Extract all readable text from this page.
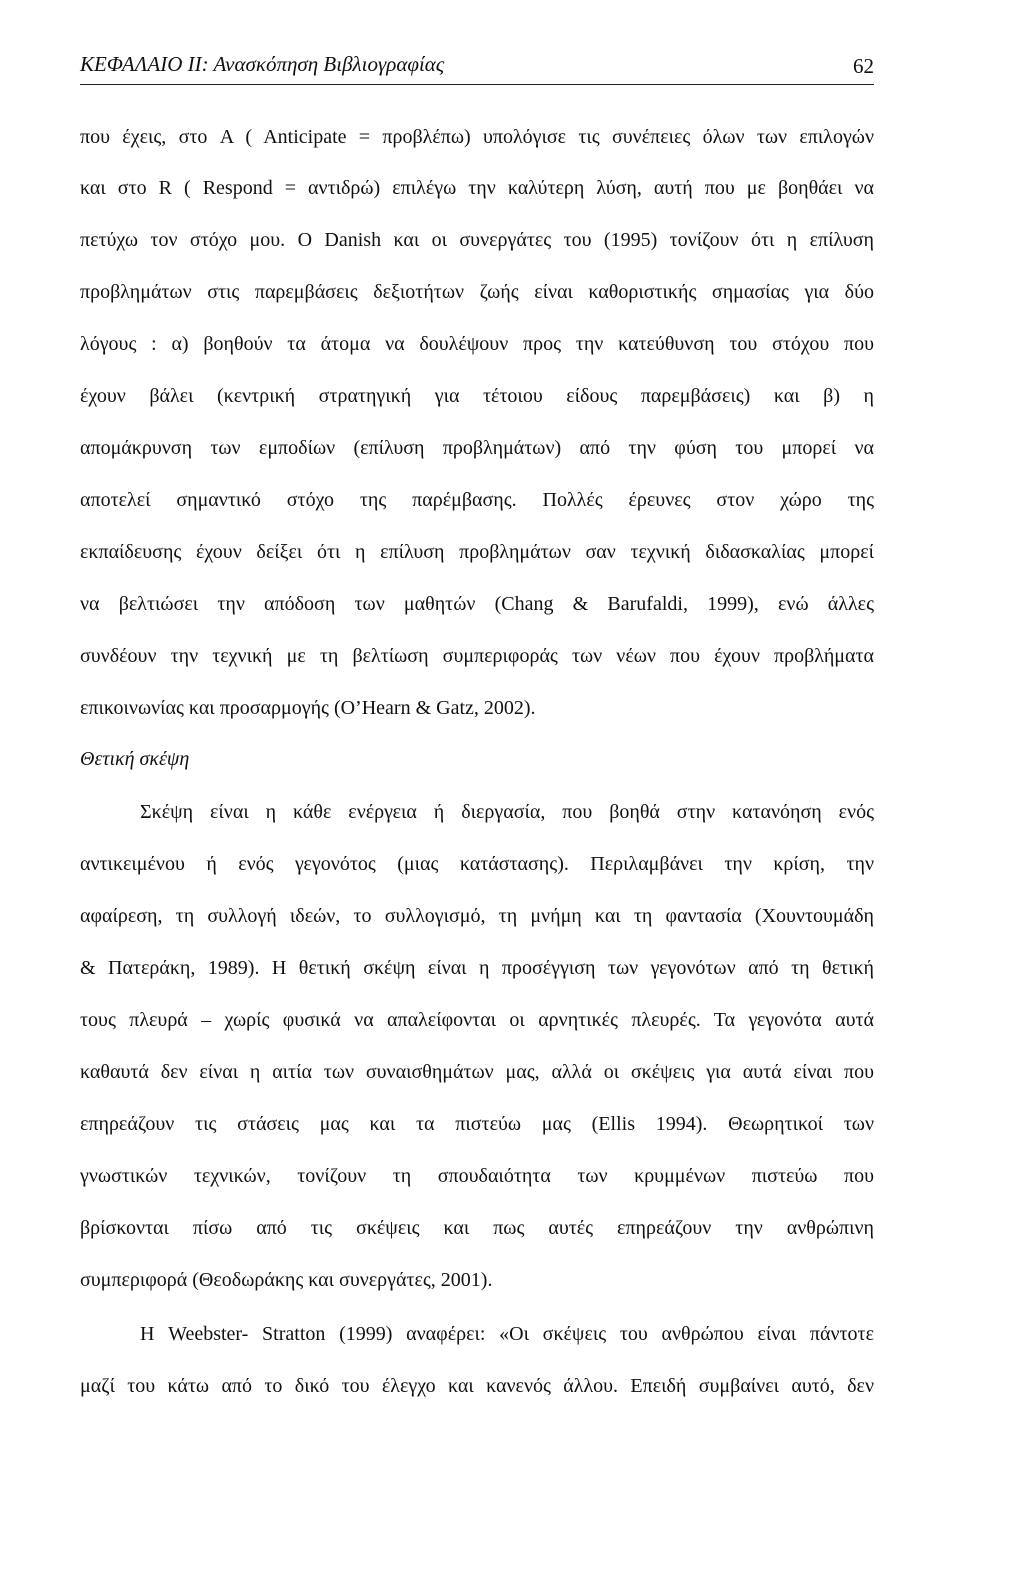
ΚΕΦΑΛΑΙΟ ΙΙ: Ανασκόπηση Βιβλιογραφίας	62
που έχεις, στο A ( Anticipate = προβλέπω) υπολόγισε τις συνέπειες όλων των επιλογών
και στο R ( Respond = αντιδρώ) επιλέγω την καλύτερη λύση, αυτή που με βοηθάει να
πετύχω τον στόχο μου. Ο Danish και οι συνεργάτες του (1995) τονίζουν ότι η επίλυση
προβλημάτων στις παρεμβάσεις δεξιοτήτων ζωής είναι καθοριστικής σημασίας για δύο
λόγους : α) βοηθούν τα άτομα να δουλέψουν προς την κατεύθυνση του στόχου που
έχουν βάλει (κεντρική στρατηγική για τέτοιου είδους παρεμβάσεις) και β) η
απομάκρυνση των εμποδίων (επίλυση προβλημάτων) από την φύση του μπορεί να
αποτελεί σημαντικό στόχο της παρέμβασης. Πολλές έρευνες στον χώρο της
εκπαίδευσης έχουν δείξει ότι η επίλυση προβλημάτων σαν τεχνική διδασκαλίας μπορεί
να βελτιώσει την απόδοση των μαθητών (Chang & Barufaldi, 1999), ενώ άλλες
συνδέουν την τεχνική με τη βελτίωση συμπεριφοράς των νέων που έχουν προβλήματα
επικοινωνίας και προσαρμογής (O’Hearn & Gatz, 2002).
Θετική σκέψη
Σκέψη είναι η κάθε ενέργεια ή διεργασία, που βοηθά στην κατανόηση ενός
αντικειμένου ή ενός γεγονότος (μιας κατάστασης). Περιλαμβάνει την κρίση, την
αφαίρεση, τη συλλογή ιδεών, το συλλογισμό, τη μνήμη και τη φαντασία (Χουντουμάδη
& Πατεράκη, 1989). Η θετική σκέψη είναι η προσέγγιση των γεγονότων από τη θετική
τους πλευρά – χωρίς φυσικά να απαλείφονται οι αρνητικές πλευρές. Τα γεγονότα αυτά
καθαυτά δεν είναι η αιτία των συναισθημάτων μας, αλλά οι σκέψεις για αυτά είναι που
επηρεάζουν τις στάσεις μας και τα πιστεύω μας (Ellis 1994). Θεωρητικοί των
γνωστικών τεχνικών, τονίζουν τη σπουδαιότητα των κρυμμένων πιστεύω που
βρίσκονται πίσω από τις σκέψεις και πως αυτές επηρεάζουν την ανθρώπινη
συμπεριφορά (Θεοδωράκης και συνεργάτες, 2001).
Η Weebster- Stratton (1999) αναφέρει: «Οι σκέψεις του ανθρώπου είναι πάντοτε
μαζί του κάτω από το δικό του έλεγχο και κανενός άλλου. Επειδή συμβαίνει αυτό, δεν
